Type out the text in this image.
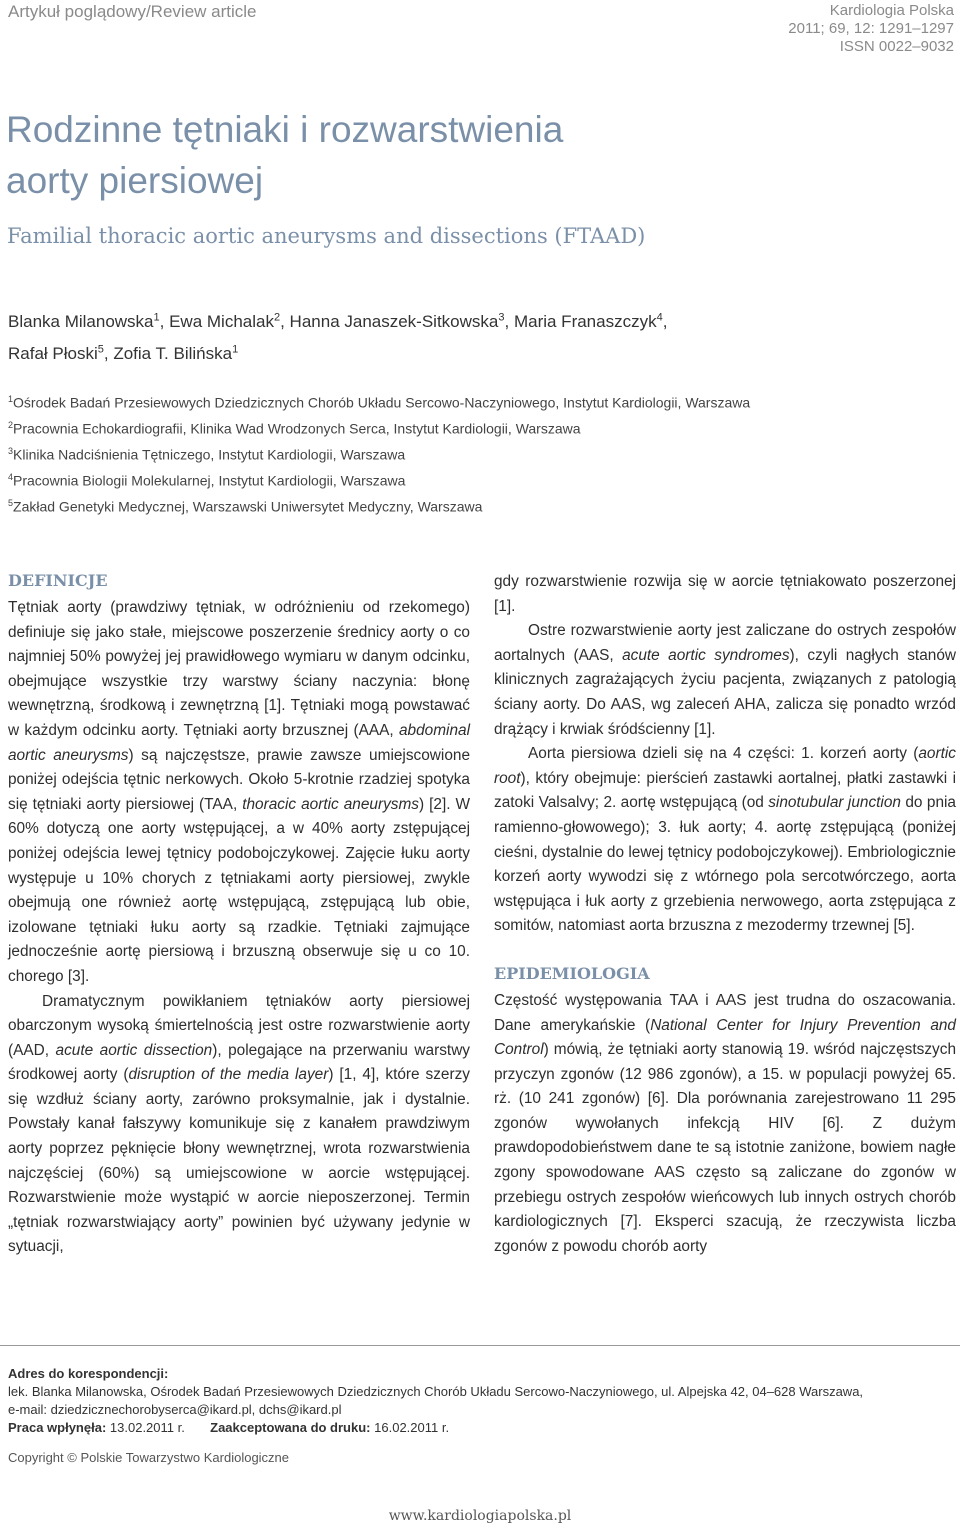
Artykuł poglądowy/Review article	Kardiologia Polska
2011; 69, 12: 1291–1297
ISSN 0022–9032
Rodzinne tętniaki i rozwarstwienia
aorty piersiowej
Familial thoracic aortic aneurysms and dissections (FTAAD)
Blanka Milanowska$^1$, Ewa Michalak$^2$, Hanna Janaszek-Sitkowska$^3$, Maria Franaszczyk$^4$,
Rafał Płoski$^5$, Zofia T. Bilińska$^1$
$^1$Ośrodek Badań Przesiewowych Dziedzicznych Chorób Układu Sercowo-Naczyniowego, Instytut Kardiologii, Warszawa
$^2$Pracownia Echokardiografii, Klinika Wad Wrodzonych Serca, Instytut Kardiologii, Warszawa
$^3$Klinika Nadciśnienia Tętniczego, Instytut Kardiologii, Warszawa
$^4$Pracownia Biologii Molekularnej, Instytut Kardiologii, Warszawa
$^5$Zakład Genetyki Medycznej, Warszawski Uniwersytet Medyczny, Warszawa
DEFINICJE

Tętniak aorty (prawdziwy tętniak, w odróżnieniu od rzekomego) definiuje się jako stałe, miejscowe poszerzenie średnicy aorty o co najmniej 50% powyżej jej prawidłowego wymiaru w danym odcinku, obejmujące wszystkie trzy warstwy ściany naczynia: błonę wewnętrzną, środkową i zewnętrzną [1]. Tętniaki mogą powstawać w każdym odcinku aorty. Tętniaki aorty brzusznej (AAA, abdominal aortic aneurysms) są najczęstsze, prawie zawsze umiejscowione poniżej odejścia tętnic nerkowych. Około 5-krotnie rzadziej spotyka się tętniaki aorty piersiowej (TAA, thoracic aortic aneurysms) [2]. W 60% dotyczą one aorty wstępującej, a w 40% aorty zstępującej poniżej odejścia lewej tętnicy podobojczykowej. Zajęcie łuku aorty występuje u 10% chorych z tętniakami aorty piersiowej, zwykle obejmują one również aortę wstępującą, zstępującą lub obie, izolowane tętniaki łuku aorty są rzadkie. Tętniaki zajmujące jednocześnie aortę piersiową i brzuszną obserwuje się u co 10. chorego [3].

Dramatycznym powikłaniem tętniaków aorty piersiowej obarczonym wysoką śmiertelnością jest ostre rozwarstwienie aorty (AAD, acute aortic dissection), polegające na przerwaniu warstwy środkowej aorty (disruption of the media layer) [1, 4], które szerzy się wzdłuż ściany aorty, zarówno proksymalnie, jak i dystalnie. Powstały kanał fałszywy komunikuje się z kanałem prawdziwym aorty poprzez pęknięcie błony wewnętrznej, wrota rozwarstwienia najczęściej (60%) są umiejscowione w aorcie wstępującej. Rozwarstwienie może wystąpić w aorcie nieposzerzonej. Termin „tętniak rozwarstwiający aorty” powinien być używany jedynie w sytuacji,

gdy rozwarstwienie rozwija się w aorcie tętniakowato poszerzonej [1].

Ostre rozwarstwienie aorty jest zaliczane do ostrych zespołów aortalnych (AAS, acute aortic syndromes), czyli nagłych stanów klinicznych zagrażających życiu pacjenta, związanych z patologią ściany aorty. Do AAS, wg zaleceń AHA, zalicza się ponadto wrzód drążący i krwiak śródścienny [1].

Aorta piersiowa dzieli się na 4 części: 1. korzeń aorty (aortic root), który obejmuje: pierścień zastawki aortalnej, płatki zastawki i zatoki Valsalvy; 2. aortę wstępującą (od sinotubular junction do pnia ramienno-głowowego); 3. łuk aorty; 4. aortę zstępującą (poniżej cieśni, dystalnie do lewej tętnicy podobojczykowej). Embriologicznie korzeń aorty wywodzi się z wtórnego pola sercotwórczego, aorta wstępująca i łuk aorty z grzebienia nerwowego, aorta zstępująca z somitów, natomiast aorta brzuszna z mezodermy trzewnej [5].

EPIDEMIOLOGIA

Częstość występowania TAA i AAS jest trudna do oszacowania. Dane amerykańskie (National Center for Injury Prevention and Control) mówią, że tętniaki aorty stanowią 19. wśród najczęstszych przyczyn zgonów (12 986 zgonów), a 15. w populacji powyżej 65. rż. (10 241 zgonów) [6]. Dla porównania zarejestrowano 11 295 zgonów wywołanych infekcją HIV [6]. Z dużym prawdopodobieństwem dane te są istotnie zaniżone, bowiem nagłe zgony spowodowane AAS często są zaliczane do zgonów w przebiegu ostrych zespołów wieńcowych lub innych ostrych chorób kardiologicznych [7]. Eksperci szacują, że rzeczywista liczba zgonów z powodu chorób aorty

Adres do korespondencji:
lek. Blanka Milanowska, Ośrodek Badań Przesiewowych Dziedzicznych Chorób Układu Sercowo-Naczyniowego, ul. Alpejska 42, 04–628 Warszawa,
e-mail: dziedzicznechorobyserca@ikard.pl, dchs@ikard.pl
Praca wpłynęła: 13.02.2011 r. Zaakceptowana do druku: 16.02.2011 r.
Copyright © Polskie Towarzystwo Kardiologiczne
www.kardiologiapolska.pl
